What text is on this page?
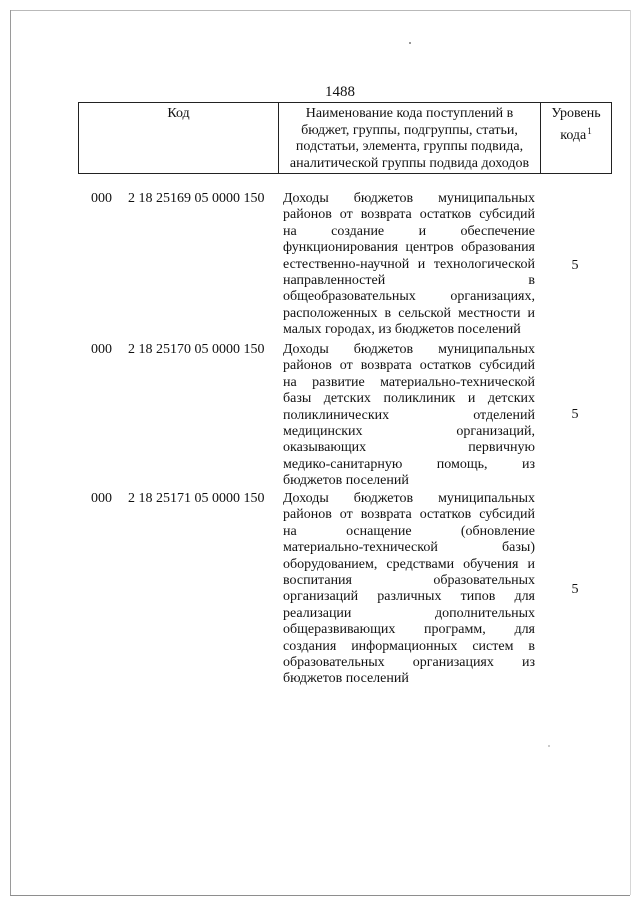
1488
Код	Наименование кода поступлений в
бюджет, группы, подгруппы, статьи,
подстатьи, элемента, группы подвида,
аналитической группы подвида доходов
Уровень
кода$^1$
000 2 18 25169 05 0000 150 Доходы бюджетов муниципальных
районов от возврата остатков субсидий
на создание и обеспечение
функционирования центров образования
естественно-научной и технологической
направленностей в
общеобразовательных организациях,
расположенных в сельской местности и
малых городах, из бюджетов поселений
5
000 2 18 25170 05 0000 150 Доходы бюджетов муниципальных
районов от возврата остатков субсидий
на развитие материально-технической
базы детских поликлиник и детских
поликлинических отделений
медицинских организаций,
оказывающих первичную
медико-санитарную помощь, из
бюджетов поселений
5
000 2 18 25171 05 0000 150 Доходы бюджетов муниципальных
районов от возврата остатков субсидий
на оснащение (обновление
материально-технической базы)
оборудованием, средствами обучения и
воспитания образовательных
организаций различных типов для
реализации дополнительных
общеразвивающих программ, для
создания информационных систем в
образовательных организациях из
бюджетов поселений
5
